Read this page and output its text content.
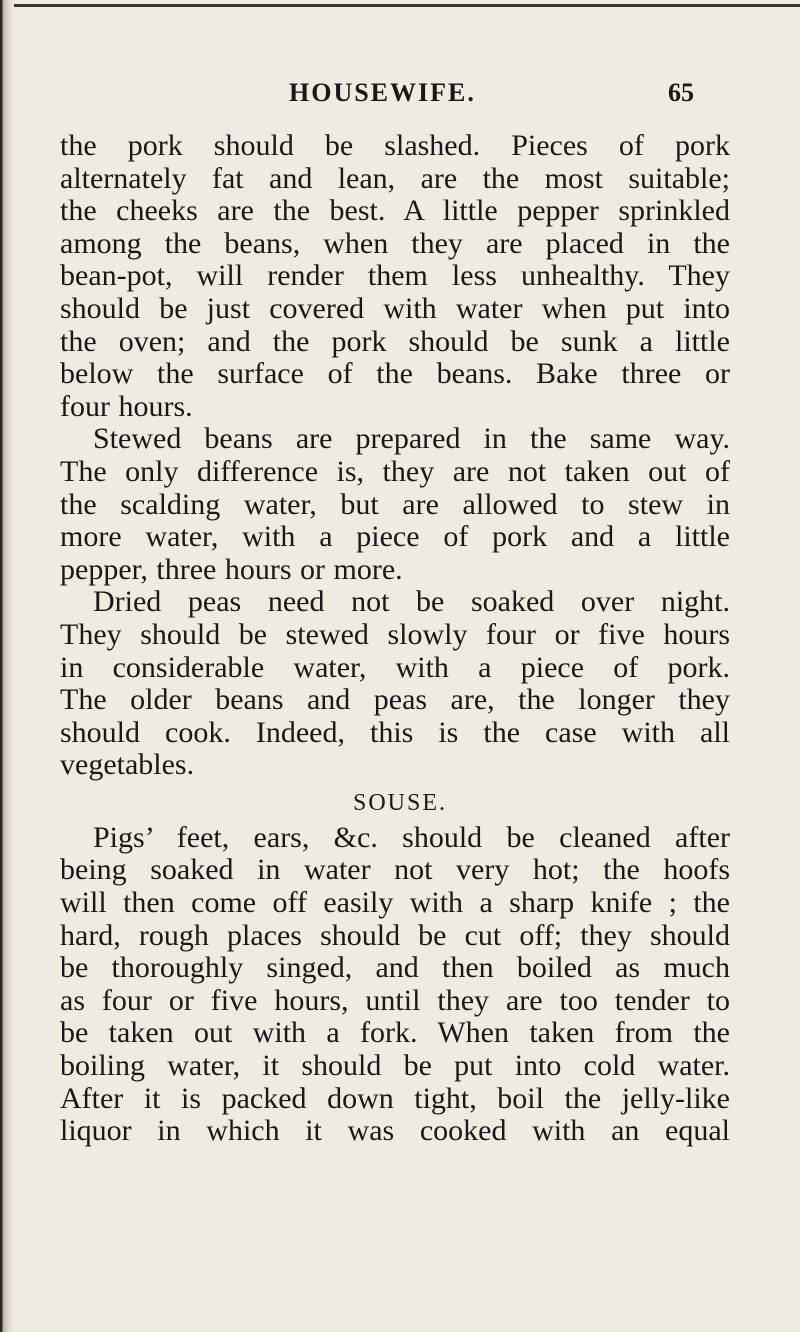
HOUSEWIFE.	65
the pork should be slashed. Pieces of pork
alternately fat and lean, are the most suitable;
the cheeks are the best. A little pepper sprinkled
among the beans, when they are placed in the
bean-pot, will render them less unhealthy. They
should be just covered with water when put into
the oven; and the pork should be sunk a little
below the surface of the beans. Bake three or
four hours.
Stewed beans are prepared in the same way.
The only difference is, they are not taken out of
the scalding water, but are allowed to stew in
more water, with a piece of pork and a little
pepper, three hours or more.
Dried peas need not be soaked over night.
They should be stewed slowly four or five hours
in considerable water, with a piece of pork.
The older beans and peas are, the longer they
should cook. Indeed, this is the case with all
vegetables.
SOUSE.
Pigs’ feet, ears, &c. should be cleaned after
being soaked in water not very hot; the hoofs
will then come off easily with a sharp knife ; the
hard, rough places should be cut off; they should
be thoroughly singed, and then boiled as much
as four or five hours, until they are too tender to
be taken out with a fork. When taken from the
boiling water, it should be put into cold water.
After it is packed down tight, boil the jelly-like
liquor in which it was cooked with an equal
